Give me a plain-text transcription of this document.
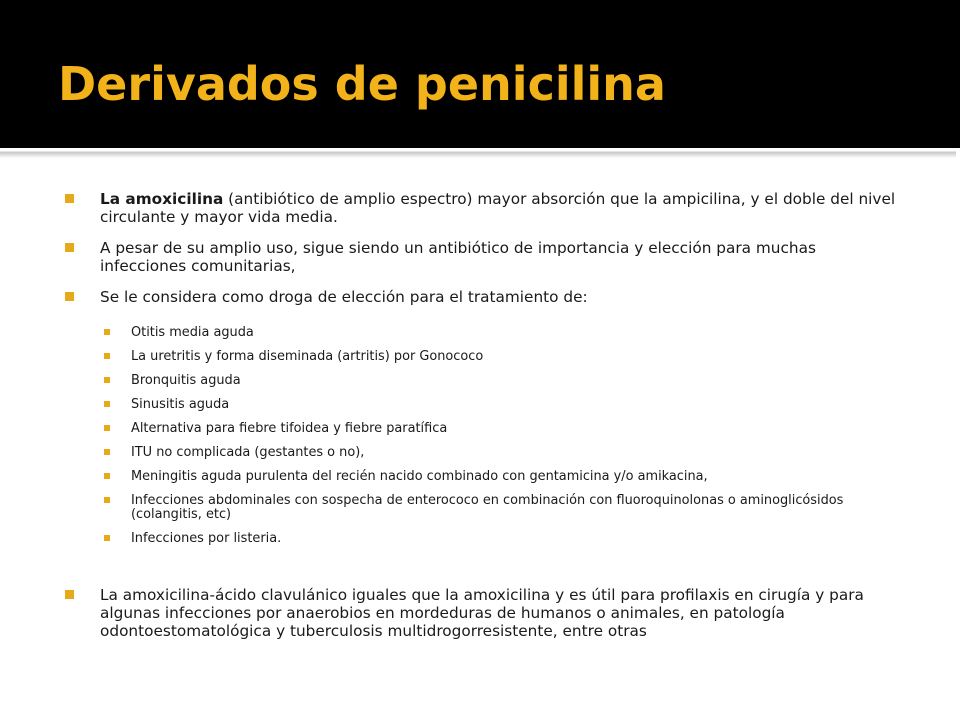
Derivados de penicilina

La amoxicilina (antibiótico de amplio espectro) mayor absorción que la ampicilina, y el doble del nivel circulante y mayor vida media.

A pesar de su amplio uso, sigue siendo un antibiótico de importancia y elección para muchas infecciones comunitarias,

Se le considera como droga de elección para el tratamiento de:

Otitis media aguda

La uretritis y forma diseminada (artritis) por Gonococo

Bronquitis aguda

Sinusitis aguda

Alternativa para fiebre tifoidea y fiebre paratífica

ITU no complicada (gestantes o no),

Meningitis aguda purulenta del recién nacido combinado con gentamicina y/o amikacina,

Infecciones abdominales con sospecha de enterococo en combinación con fluoroquinolonas o aminoglicósidos (colangitis, etc)

Infecciones por listeria.

La amoxicilina-ácido clavulánico iguales que la amoxicilina y es útil para profilaxis en cirugía y para algunas infecciones por anaerobios en mordeduras de humanos o animales, en patología odontoestomatológica y tuberculosis multidrogorresistente, entre otras
